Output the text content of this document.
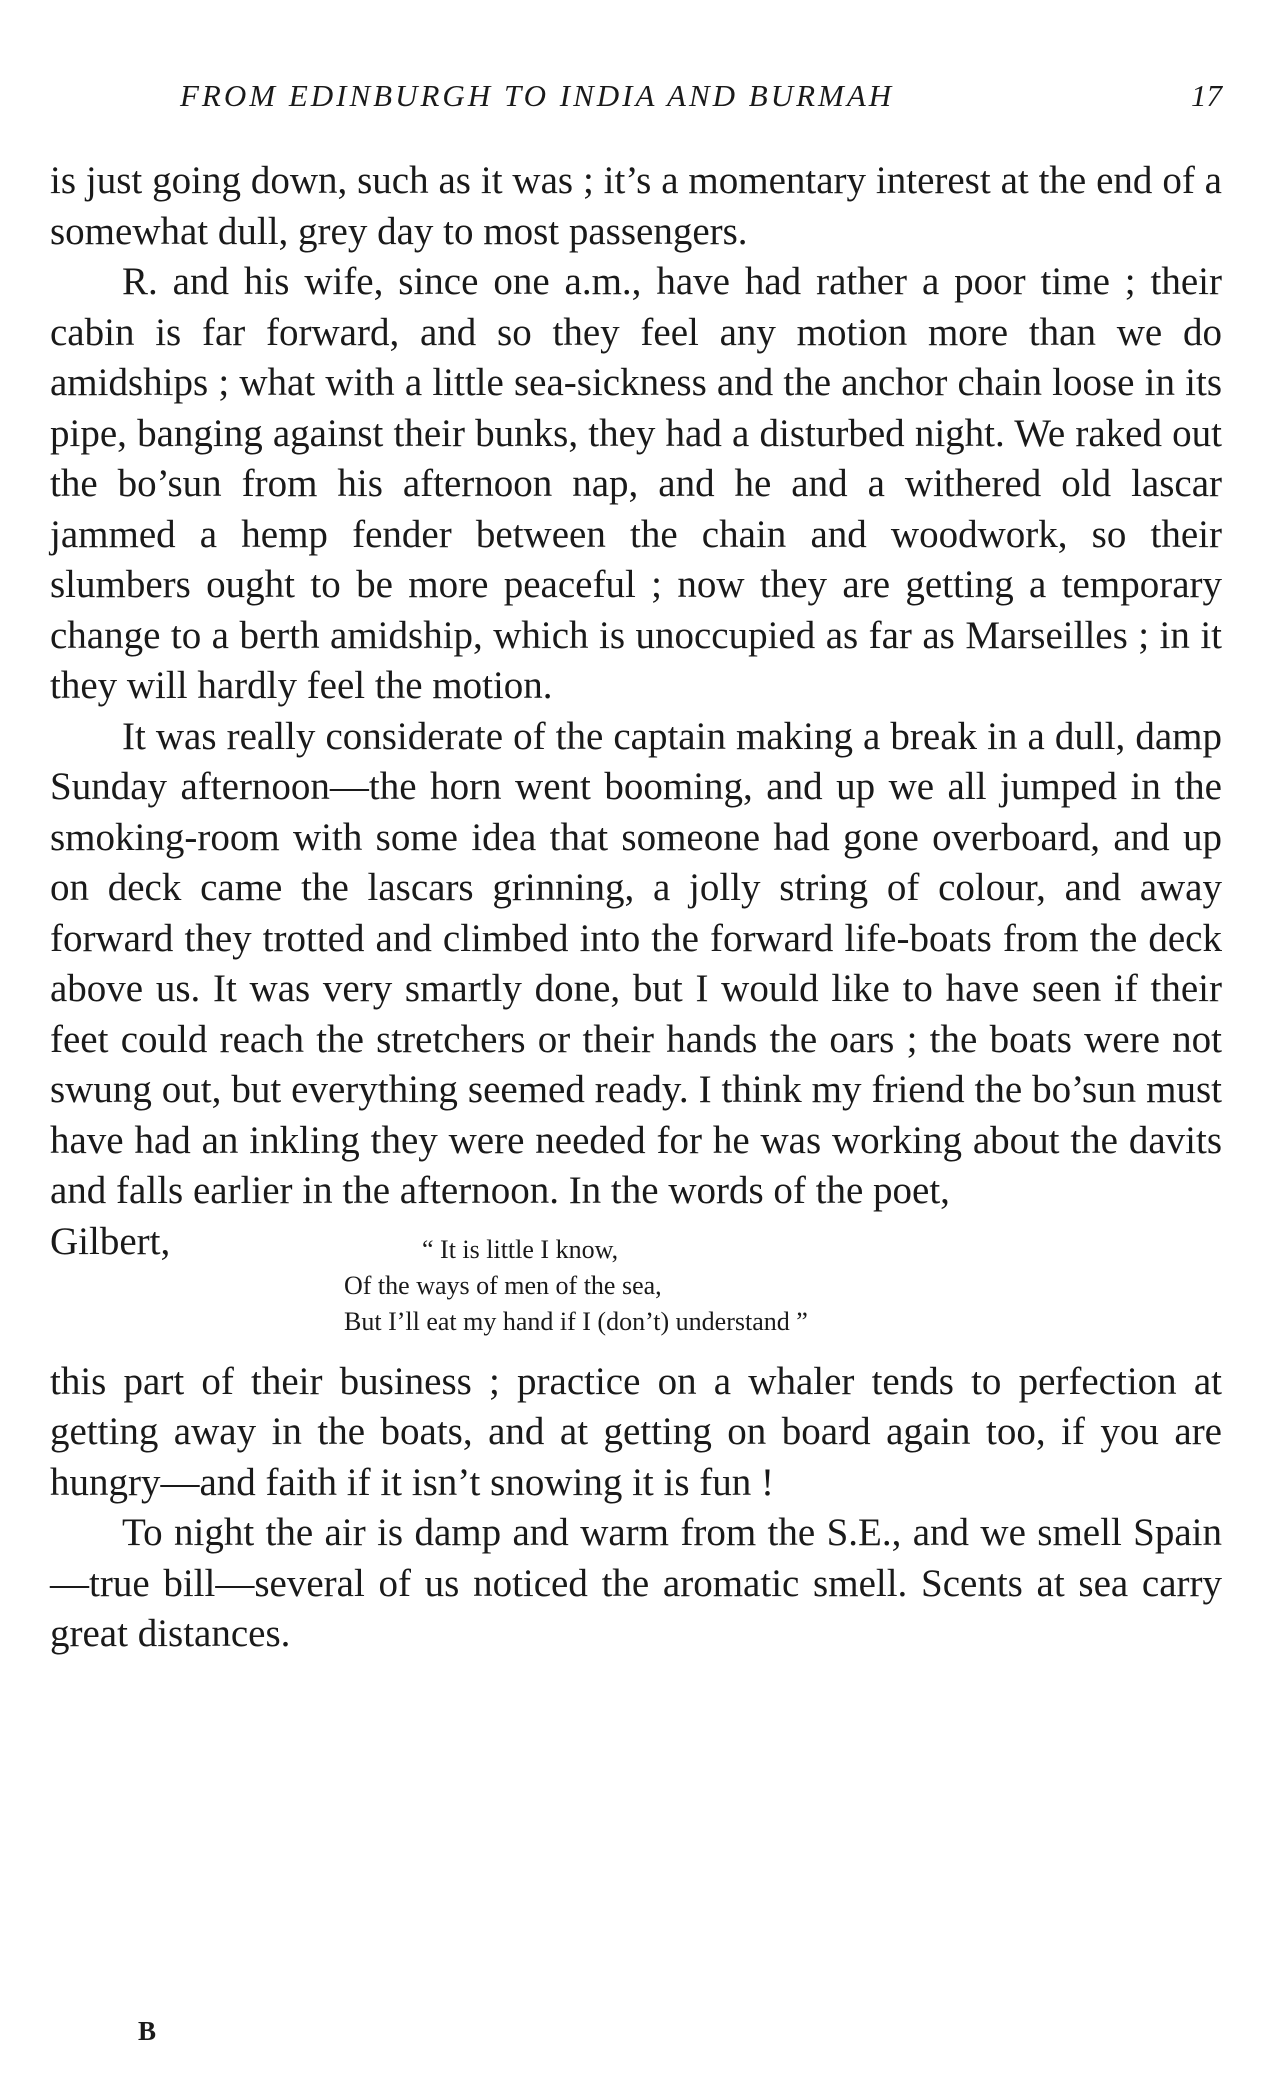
FROM EDINBURGH TO INDIA AND BURMAH	17

is just going down, such as it was ; it’s a momentary interest at the end of a somewhat dull, grey day to most passengers.

R. and his wife, since one a.m., have had rather a poor time ; their cabin is far forward, and so they feel any motion more than we do amidships ; what with a little sea-sickness and the anchor chain loose in its pipe, banging against their bunks, they had a disturbed night. We raked out the bo’sun from his afternoon nap, and he and a withered old lascar jammed a hemp fender between the chain and woodwork, so their slumbers ought to be more peaceful ; now they are getting a temporary change to a berth amidship, which is unoccupied as far as Marseilles ; in it they will hardly feel the motion.

It was really considerate of the captain making a break in a dull, damp Sunday afternoon—the horn went booming, and up we all jumped in the smoking-room with some idea that someone had gone overboard, and up on deck came the lascars grinning, a jolly string of colour, and away forward they trotted and climbed into the forward life-boats from the deck above us. It was very smartly done, but I would like to have seen if their feet could reach the stretchers or their hands the oars ; the boats were not swung out, but everything seemed ready. I think my friend the bo’sun must have had an inkling they were needed for he was working about the davits and falls earlier in the afternoon. In the words of the poet,

Gilbert,	“ It is little I know,
Of the ways of men of the sea,
But I’ll eat my hand if I (don’t) understand ”

this part of their business ; practice on a whaler tends to perfection at getting away in the boats, and at getting on board again too, if you are hungry—and faith if it isn’t snowing it is fun !

To night the air is damp and warm from the S.E., and we smell Spain—true bill—several of us noticed the aromatic smell. Scents at sea carry great distances.

B
